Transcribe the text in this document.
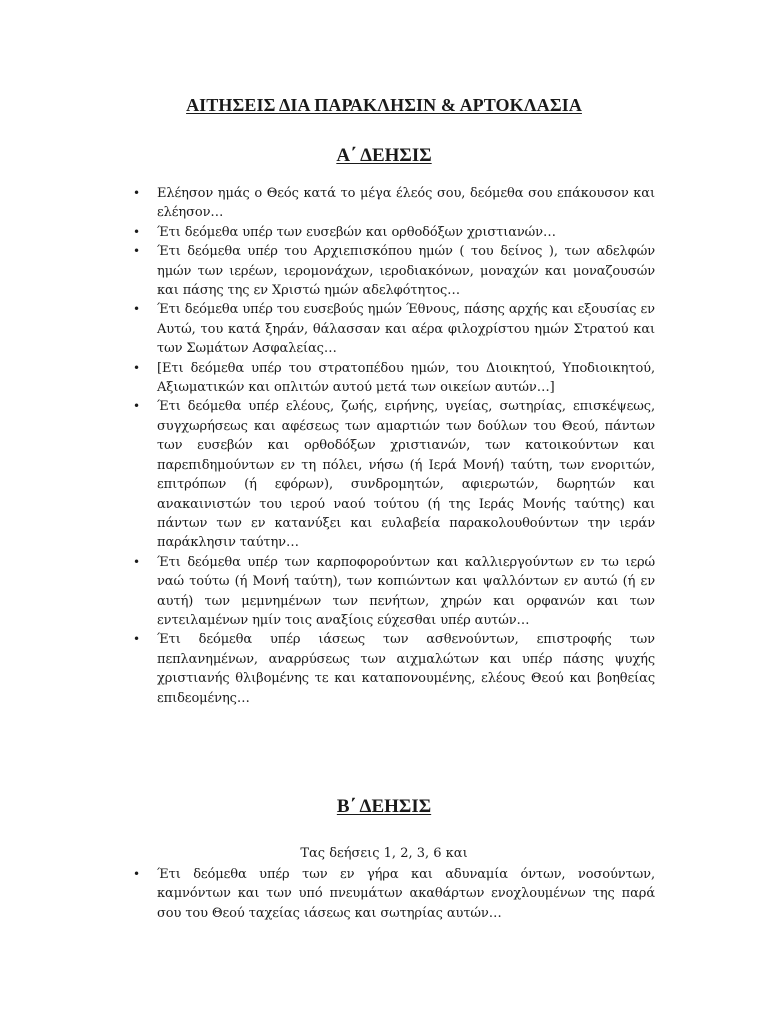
ΑΙΤΗΣΕΙΣ ΔΙΑ ΠΑΡΑΚΛΗΣΙΝ & ΑΡΤΟΚΛΑΣΙΑ
Α΄ ΔΕΗΣΙΣ
•
Ελέησον ημάς ο Θεός κατά το μέγα έλεός σου, δεόμεθα σου επάκουσον και ελέησον…
•
Έτι δεόμεθα υπέρ των ευσεβών και ορθοδόξων χριστιανών…
•
Έτι δεόμεθα υπέρ του Αρχιεπισκόπου ημών ( του δείνος ), των αδελφών ημών των ιερέων, ιερομονάχων, ιεροδιακόνων, μοναχών και μοναζουσών και πάσης της εν Χριστώ ημών αδελφότητος…
•
Έτι δεόμεθα υπέρ του ευσεβούς ημών Έθνους, πάσης αρχής και εξουσίας εν Αυτώ, του κατά ξηράν, θάλασσαν και αέρα φιλοχρίστου ημών Στρατού και των Σωμάτων Ασφαλείας…
•
[Ετι δεόμεθα υπέρ του στρατοπέδου ημών, του Διοικητού, Υποδιοικητού, Αξιωματικών και οπλιτών αυτού μετά των οικείων αυτών…]
•
Έτι δεόμεθα υπέρ ελέους, ζωής, ειρήνης, υγείας, σωτηρίας, επισκέψεως, συγχωρήσεως και αφέσεως των αμαρτιών των δούλων του Θεού, πάντων των ευσεβών και ορθοδόξων χριστιανών, των κατοικούντων και παρεπιδημούντων εν τη πόλει, νήσω (ή Ιερά Μονή) ταύτη, των ενοριτών, επιτρόπων (ή εφόρων), συνδρομητών, αφιερωτών, δωρητών και ανακαινιστών του ιερού ναού τούτου (ή της Ιεράς Μονής ταύτης) και πάντων των εν κατανύξει και ευλαβεία παρακολουθούντων την ιεράν παράκλησιν ταύτην…
•
Έτι δεόμεθα υπέρ των καρποφορούντων και καλλιεργούντων εν τω ιερώ ναώ τούτω (ή Μονή ταύτη), των κοπιώντων και ψαλλόντων εν αυτώ (ή εν αυτή) των μεμνημένων των πενήτων, χηρών και ορφανών και των εντειλαμένων ημίν τοις αναξίοις εύχεσθαι υπέρ αυτών…
•
Έτι δεόμεθα υπέρ ιάσεως των ασθενούντων, επιστροφής των πεπλανημένων, αναρρύσεως των αιχμαλώτων και υπέρ πάσης ψυχής χριστιανής θλιβομένης τε και καταπονουμένης, ελέους Θεού και βοηθείας επιδεομένης…
Β΄ ΔΕΗΣΙΣ

Τας δεήσεις 1, 2, 3, 6 και

•
Έτι δεόμεθα υπέρ των εν γήρα και αδυναμία όντων, νοσούντων, καμνόντων και των υπό πνευμάτων ακαθάρτων ενοχλουμένων της παρά σου του Θεού ταχείας ιάσεως και σωτηρίας αυτών…
